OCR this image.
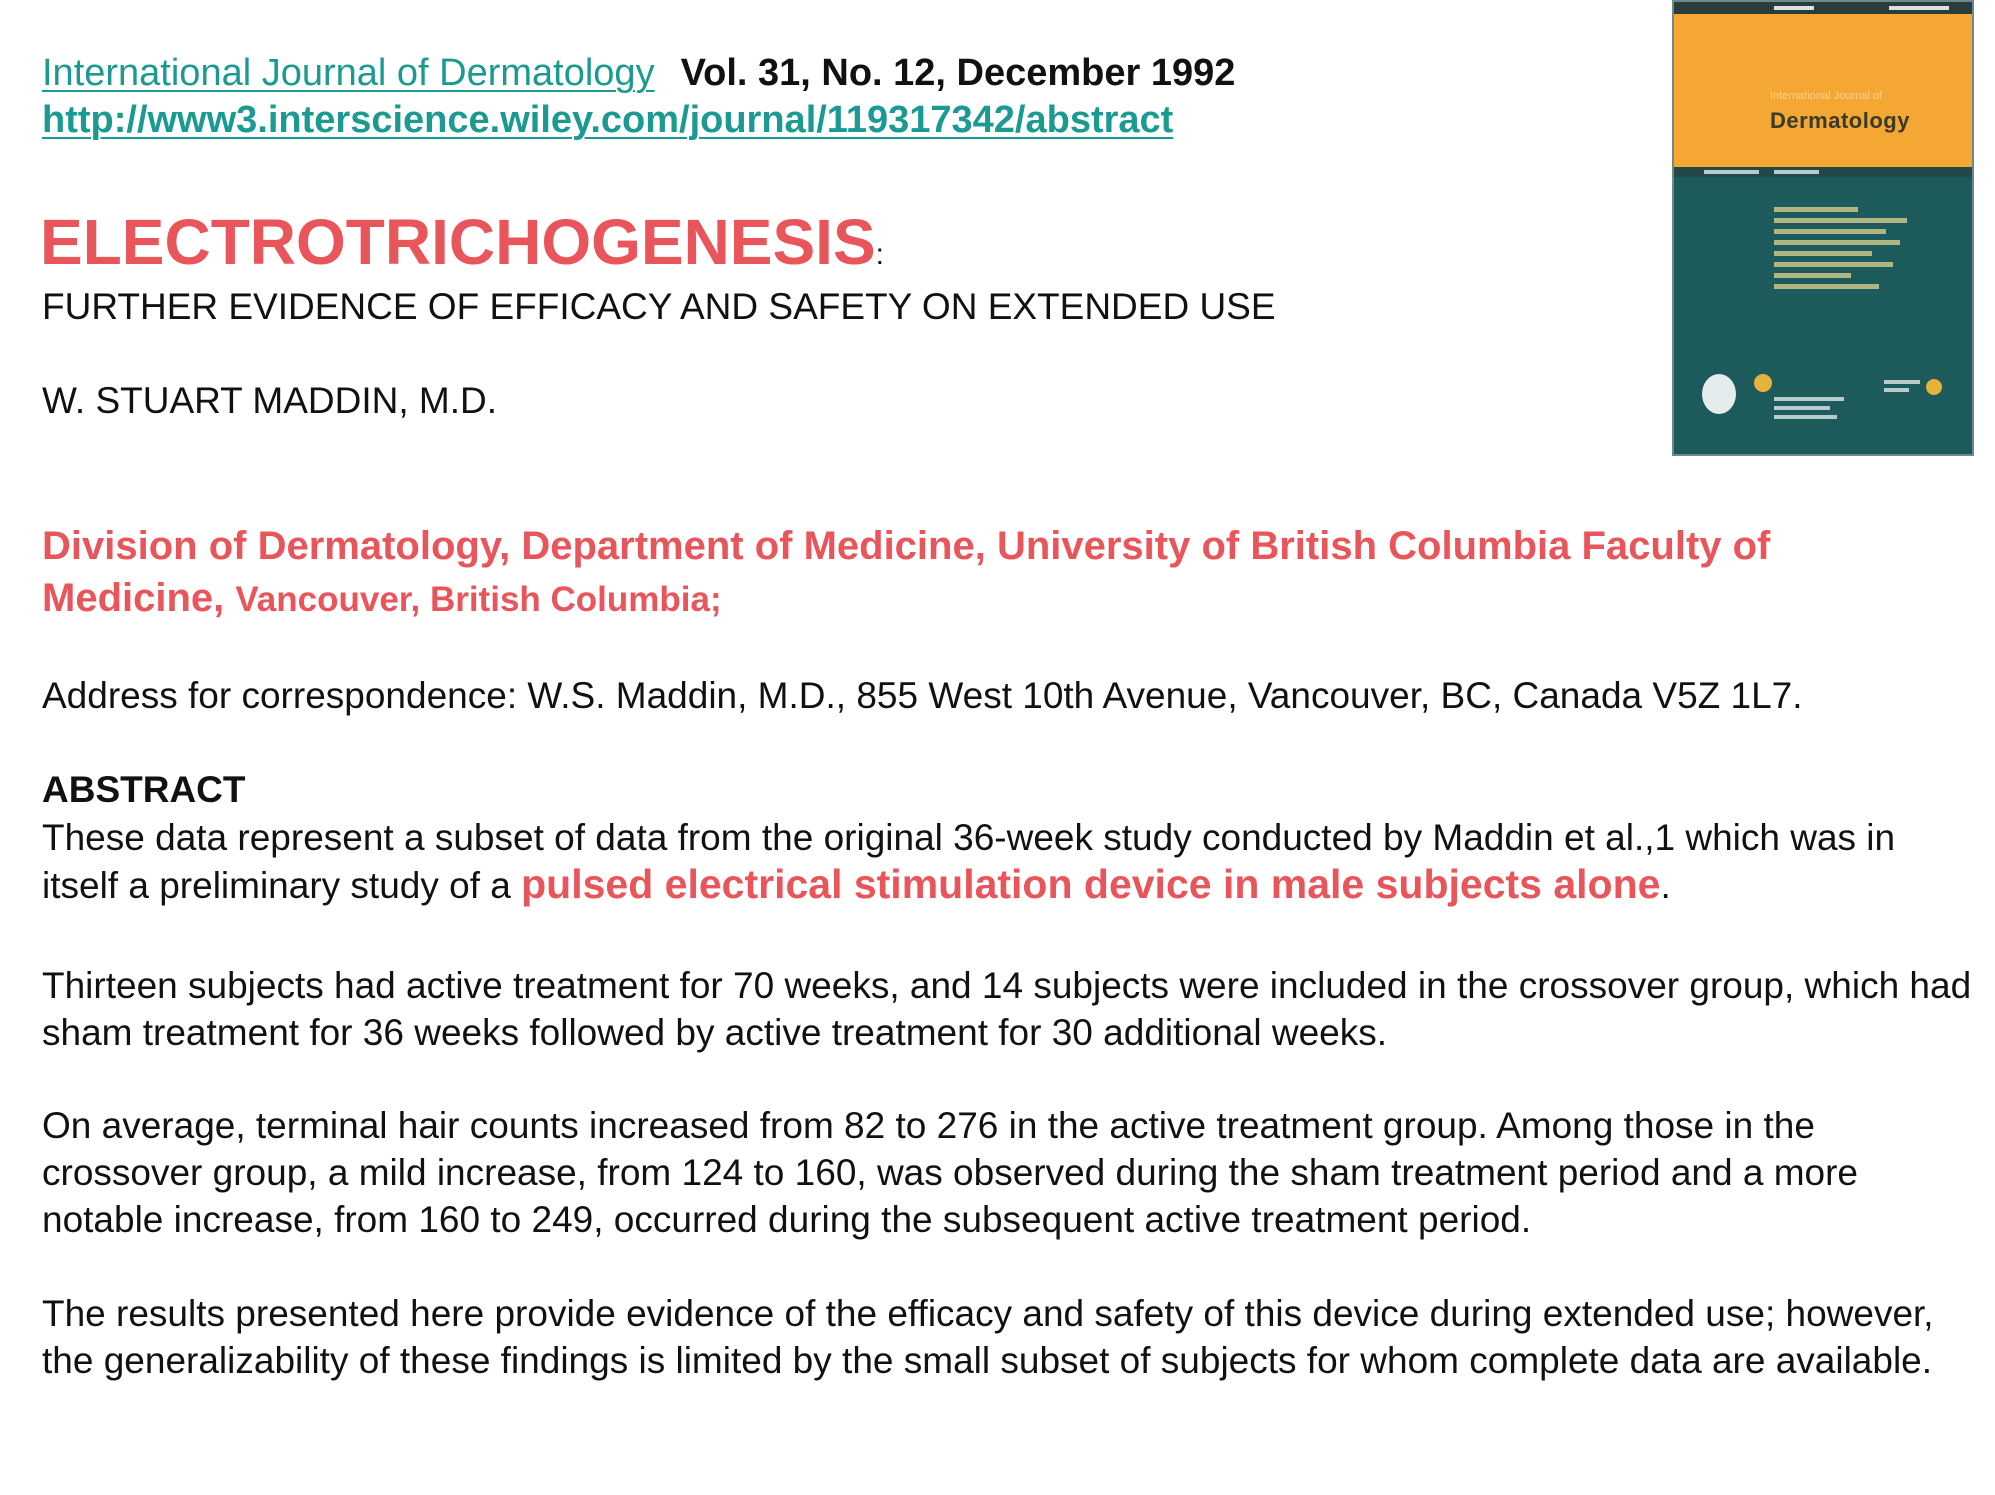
International Journal of Dermatology Vol. 31, No. 12, December 1992
http://www3.interscience.wiley.com/journal/119317342/abstract
ELECTROTRICHOGENESIS:
FURTHER EVIDENCE OF EFFICACY AND SAFETY ON EXTENDED USE
W. STUART MADDIN, M.D.
Division of Dermatology, Department of Medicine, University of British Columbia Faculty of Medicine, Vancouver, British Columbia;
Address for correspondence: W.S. Maddin, M.D., 855 West 10th Avenue, Vancouver, BC, Canada V5Z 1L7.
ABSTRACT

These data represent a subset of data from the original 36-week study conducted by Maddin et al.,1 which was in itself a preliminary study of a pulsed electrical stimulation device in male subjects alone.

Thirteen subjects had active treatment for 70 weeks, and 14 subjects were included in the crossover group, which had sham treatment for 36 weeks followed by active treatment for 30 additional weeks.

On average, terminal hair counts increased from 82 to 276 in the active treatment group. Among those in the crossover group, a mild increase, from 124 to 160, was observed during the sham treatment period and a more notable increase, from 160 to 249, occurred during the subsequent active treatment period.

The results presented here provide evidence of the efficacy and safety of this device during extended use; however, the generalizability of these findings is limited by the small subset of subjects for whom complete data are available.

International Journal of
Dermatology
